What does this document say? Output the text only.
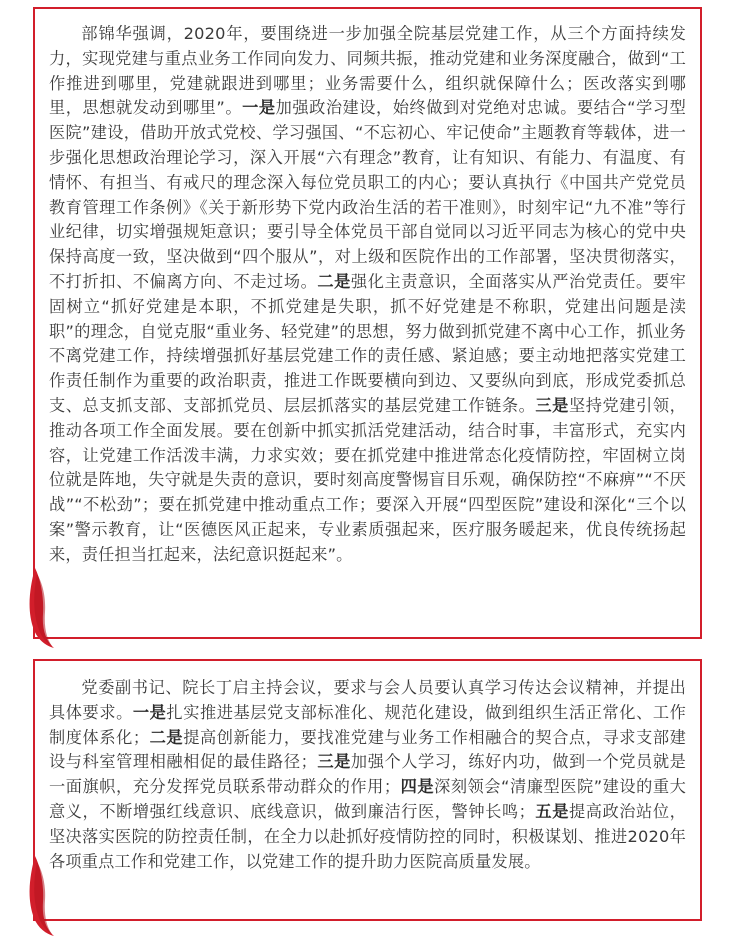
部锦华强调，2020年，要围绕进一步加强全院基层党建工作，从三个方面持续发力，实现党建与重点业务工作同向发力、同频共振，推动党建和业务深度融合，做到“工作推进到哪里，党建就跟进到哪里；业务需要什么，组织就保障什么；医改落实到哪里，思想就发动到哪里”。一是加强政治建设，始终做到对党绝对忠诚。要结合“学习型医院”建设，借助开放式党校、学习强国、“不忘初心、牢记使命”主题教育等载体，进一步强化思想政治理论学习，深入开展“六有理念”教育，让有知识、有能力、有温度、有情怀、有担当、有戒尺的理念深入每位党员职工的内心；要认真执行《中国共产党党员教育管理工作条例》《关于新形势下党内政治生活的若干准则》，时刻牢记“九不准”等行业纪律，切实增强规矩意识；要引导全体党员干部自觉同以习近平同志为核心的党中央保持高度一致，坚决做到“四个服从”，对上级和医院作出的工作部署，坚决贯彻落实，不打折扣、不偏离方向、不走过场。二是强化主责意识，全面落实从严治党责任。要牢固树立“抓好党建是本职，不抓党建是失职，抓不好党建是不称职，党建出问题是渎职”的理念，自觉克服“重业务、轻党建”的思想，努力做到抓党建不离中心工作，抓业务不离党建工作，持续增强抓好基层党建工作的责任感、紧迫感；要主动地把落实党建工作责任制作为重要的政治职责，推进工作既要横向到边、又要纵向到底，形成党委抓总支、总支抓支部、支部抓党员、层层抓落实的基层党建工作链条。三是坚持党建引领，推动各项工作全面发展。要在创新中抓实抓活党建活动，结合时事，丰富形式，充实内容，让党建工作活泼丰满，力求实效；要在抓党建中推进常态化疫情防控，牢固树立岗位就是阵地，失守就是失责的意识，要时刻高度警惕盲目乐观，确保防控“不麻痹”“不厌战”“不松劲”；要在抓党建中推动重点工作；要深入开展“四型医院”建设和深化“三个以案”警示教育，让“医德医风正起来，专业素质强起来，医疗服务暖起来，优良传统扬起来，责任担当扛起来，法纪意识挺起来”。

党委副书记、院长丁启主持会议，要求与会人员要认真学习传达会议精神，并提出具体要求。一是扎实推进基层党支部标准化、规范化建设，做到组织生活正常化、工作制度体系化；二是提高创新能力，要找准党建与业务工作相融合的契合点，寻求支部建设与科室管理相融相促的最佳路径；三是加强个人学习，练好内功，做到一个党员就是一面旗帜，充分发挥党员联系带动群众的作用；四是深刻领会“清廉型医院”建设的重大意义，不断增强红线意识、底线意识，做到廉洁行医，警钟长鸣；五是提高政治站位，坚决落实医院的防控责任制，在全力以赴抓好疫情防控的同时，积极谋划、推进2020年各项重点工作和党建工作，以党建工作的提升助力医院高质量发展。
